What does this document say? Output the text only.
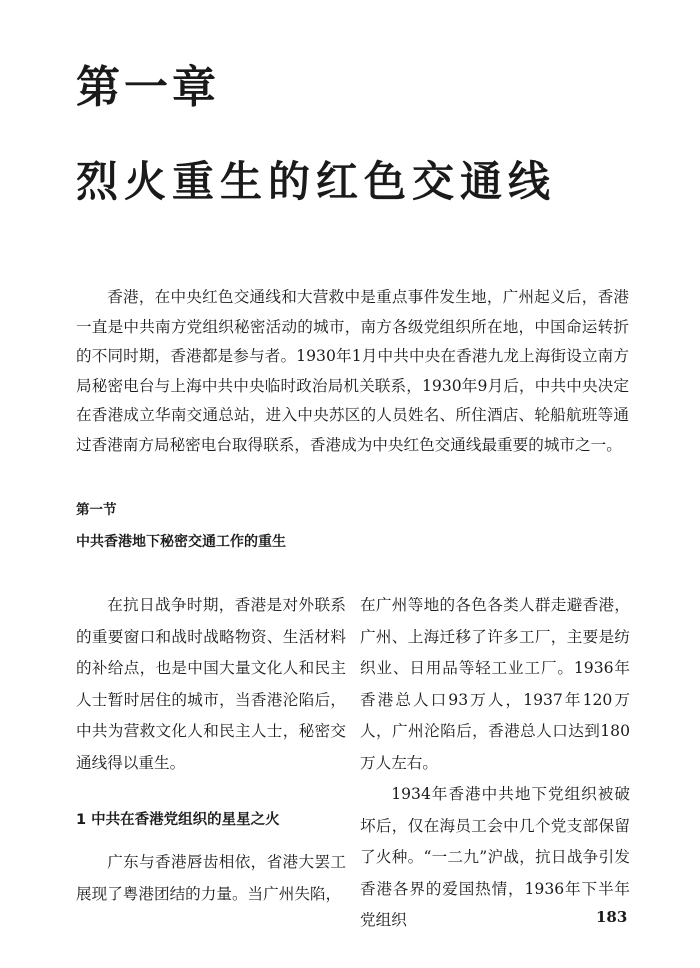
第一章
烈火重生的红色交通线

香港，在中央红色交通线和大营救中是重点事件发生地，广州起义后，香港一直是中共南方党组织秘密活动的城市，南方各级党组织所在地，中国命运转折的不同时期，香港都是参与者。1930年1月中共中央在香港九龙上海街设立南方局秘密电台与上海中共中央临时政治局机关联系，1930年9月后，中共中央决定在香港成立华南交通总站，进入中央苏区的人员姓名、所住酒店、轮船航班等通过香港南方局秘密电台取得联系，香港成为中央红色交通线最重要的城市之一。

第一节
中共香港地下秘密交通工作的重生

在抗日战争时期，香港是对外联系的重要窗口和战时战略物资、生活材料的补给点，也是中国大量文化人和民主人士暂时居住的城市，当香港沦陷后，中共为营救文化人和民主人士，秘密交通线得以重生。

1 中共在香港党组织的星星之火

广东与香港唇齿相依，省港大罢工展现了粤港团结的力量。当广州失陷，

在广州等地的各色各类人群走避香港，广州、上海迁移了许多工厂，主要是纺织业、日用品等轻工业工厂。1936年香港总人口93万人，1937年120万人，广州沦陷后，香港总人口达到180万人左右。

1934年香港中共地下党组织被破坏后，仅在海员工会中几个党支部保留了火种。“一二九”沪战，抗日战争引发香港各界的爱国热情，1936年下半年党组织	183
